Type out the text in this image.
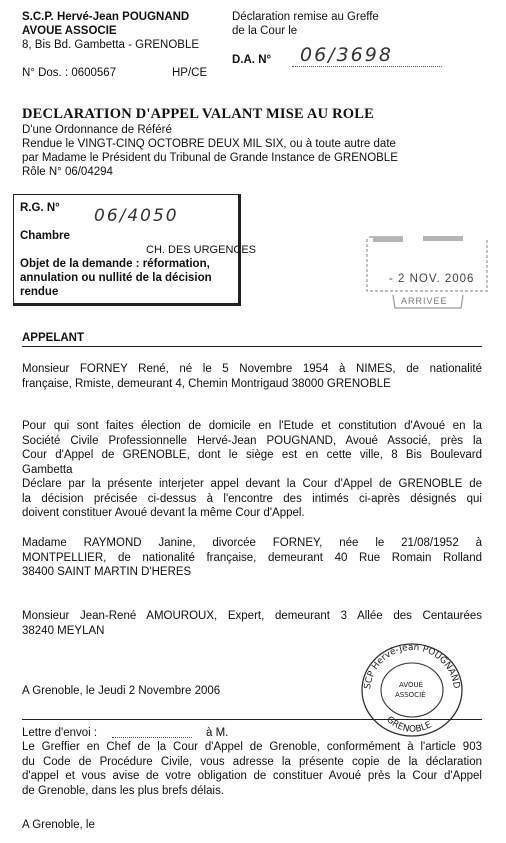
S.C.P. Hervé-Jean POUGNAND
AVOUE ASSOCIE
8, Bis Bd. Gambetta - GRENOBLE
N° Dos. : 0600567	HP/CE
Déclaration remise au Greffe
de la Cour le
D.A. N° 06/3698
DECLARATION D'APPEL VALANT MISE AU ROLE
D'une Ordonnance de Référé
Rendue le VINGT-CINQ OCTOBRE DEUX MIL SIX, ou à toute autre date
par Madame le Président du Tribunal de Grande Instance de GRENOBLE
Rôle N° 06/04294
R.G. N° 06/4050
Chambre
CH. DES URGENCES
Objet de la demande : réformation,
annulation ou nullité de la décision
rendue
- 2 NOV. 2006
ARRIVEE
APPELANT
Monsieur FORNEY René, né le 5 Novembre 1954 à NIMES, de nationalité
française, Rmiste, demeurant 4, Chemin Montrigaud 38000 GRENOBLE
Pour qui sont faites élection de domicile en l'Etude et constitution d'Avoué en la
Société Civile Professionnelle Hervé-Jean POUGNAND, Avoué Associé, près la
Cour d'Appel de GRENOBLE, dont le siège est en cette ville, 8 Bis Boulevard
Gambetta
Déclare par la présente interjeter appel devant la Cour d'Appel de GRENOBLE de
la décision précisée ci-dessus à l'encontre des intimés ci-après désignés qui
doivent constituer Avoué devant la même Cour d'Appel.
Madame RAYMOND Janine, divorcée FORNEY, née le 21/08/1952 à
MONTPELLIER, de nationalité française, demeurant 40 Rue Romain Rolland
38400 SAINT MARTIN D'HERES
Monsieur Jean-René AMOUROUX, Expert, demeurant 3 Allée des Centaurées
38240 MEYLAN
SCP Hervé-Jean POUGNAND
AVOUÉ
ASSOCIÉ
GRENOBLE
A Grenoble, le Jeudi 2 Novembre 2006
Lettre d'envoi :	à M.
Le Greffier en Chef de la Cour d'Appel de Grenoble, conformément à l'article 903
du Code de Procédure Civile, vous adresse la présente copie de la déclaration
d'appel et vous avise de votre obligation de constituer Avoué près la Cour d'Appel
de Grenoble, dans les plus brefs délais.
A Grenoble, le
